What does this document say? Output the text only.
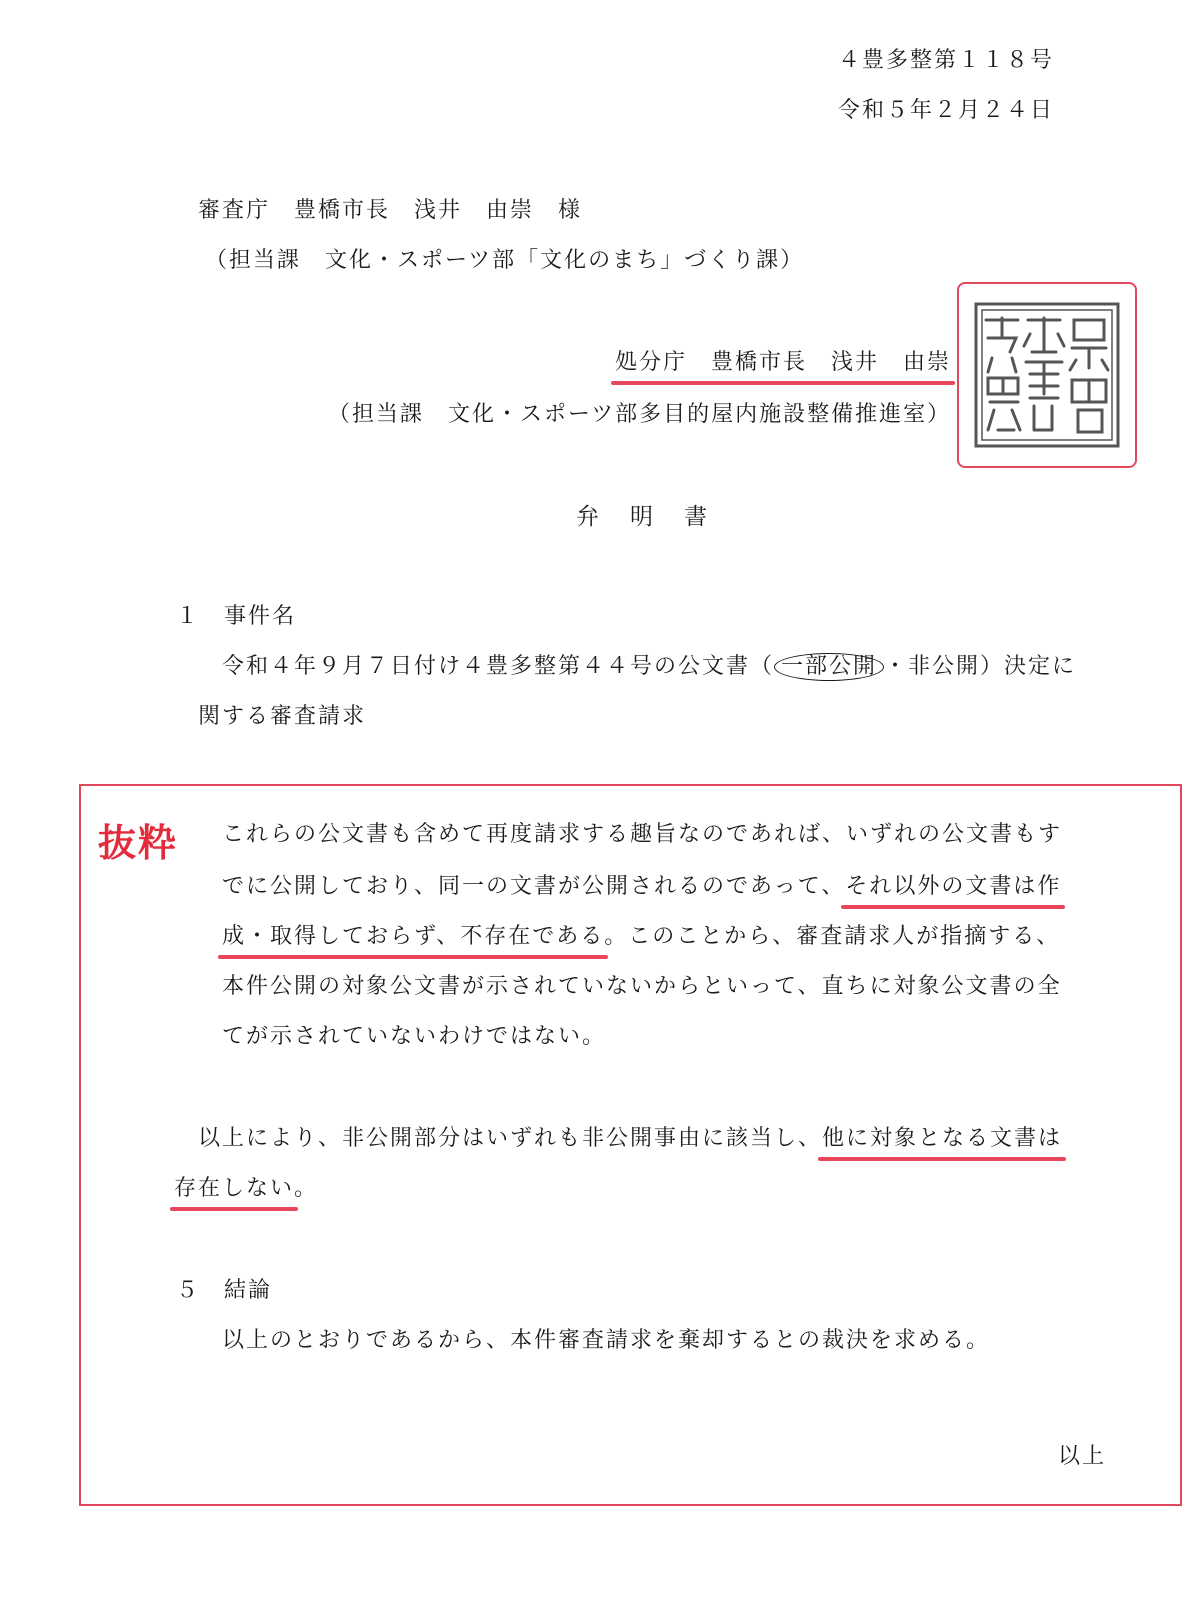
４豊多整第１１８号
令和５年２月２４日
審査庁　豊橋市長　浅井　由崇　様
（担当課　文化・スポーツ部「文化のまち」づくり課）
処分庁　豊橋市長　浅井　由崇
（担当課　文化・スポーツ部多目的屋内施設整備推進室）
弁　明　書
１　事件名
令和４年９月７日付け４豊多整第４４号の公文書（ 一部公開 ・非公開）決定に
関する審査請求
抜粋 これらの公文書も含めて再度請求する趣旨なのであれば、いずれの公文書もす
でに公開しており、同一の文書が公開されるのであって、それ以外の文書は作
成・取得しておらず、不存在である。このことから、審査請求人が指摘する、
本件公開の対象公文書が示されていないからといって、直ちに対象公文書の全
てが示されていないわけではない。
以上により、非公開部分はいずれも非公開事由に該当し、他に対象となる文書は
存在しない。
５　結論
以上のとおりであるから、本件審査請求を棄却するとの裁決を求める。
以上
